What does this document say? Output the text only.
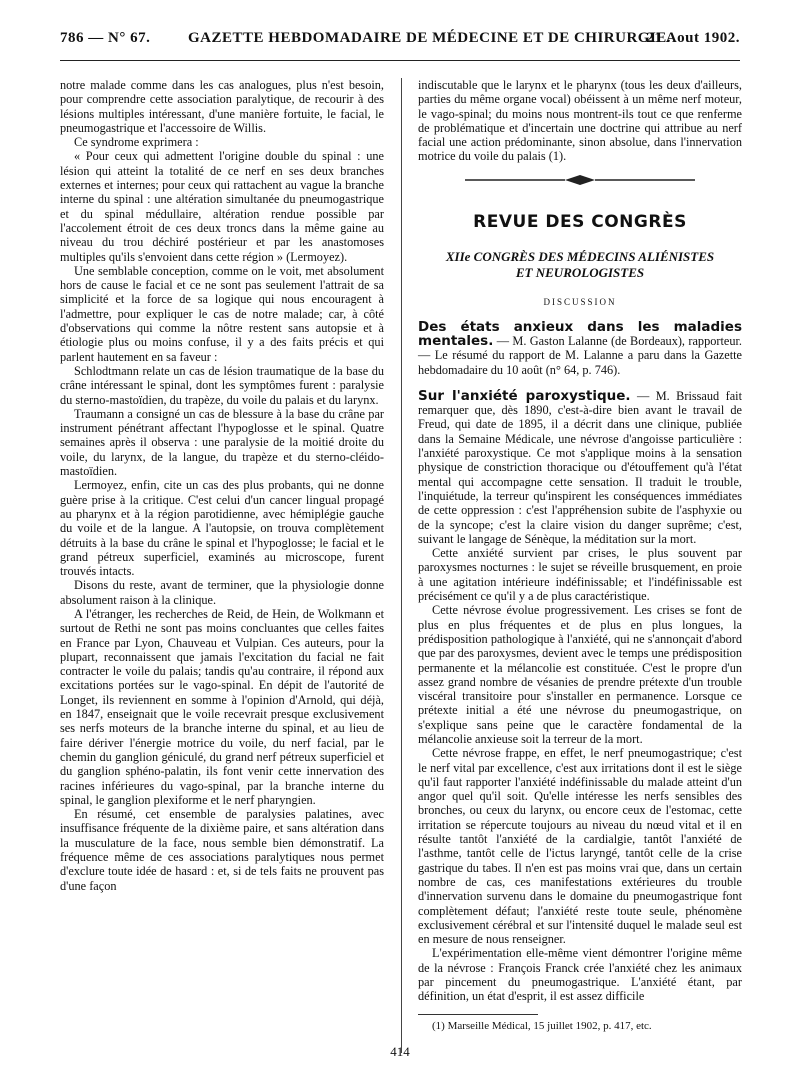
786 — N° 67.	GAZETTE HEBDOMADAIRE DE MÉDECINE ET DE CHIRURGIE.
21 Aout 1902.

notre malade comme dans les cas analogues, plus n'est besoin, pour comprendre cette association paralytique, de recourir à des lésions multiples intéressant, d'une manière fortuite, le facial, le pneumogastrique et l'accessoire de Willis.

Ce syndrome exprimera :

« Pour ceux qui admettent l'origine double du spinal : une lésion qui atteint la totalité de ce nerf en ses deux branches externes et internes; pour ceux qui rattachent au vague la branche interne du spinal : une altération simultanée du pneumogastrique et du spinal médullaire, altération rendue possible par l'accolement étroit de ces deux troncs dans la même gaine au niveau du trou déchiré postérieur et par les anastomoses multiples qu'ils s'envoient dans cette région » (Lermoyez).

Une semblable conception, comme on le voit, met absolument hors de cause le facial et ce ne sont pas seulement l'attrait de sa simplicité et la force de sa logique qui nous encouragent à l'admettre, pour expliquer le cas de notre malade; car, à côté d'observations qui comme la nôtre restent sans autopsie et à étiologie plus ou moins confuse, il y a des faits précis et qui parlent hautement en sa faveur :

Schlodtmann relate un cas de lésion traumatique de la base du crâne intéressant le spinal, dont les symptômes furent : paralysie du sterno-mastoïdien, du trapèze, du voile du palais et du larynx.

Traumann a consigné un cas de blessure à la base du crâne par instrument pénétrant affectant l'hypoglosse et le spinal. Quatre semaines après il observa : une paralysie de la moitié droite du voile, du larynx, de la langue, du trapèze et du sterno-cléido-mastoïdien.

Lermoyez, enfin, cite un cas des plus probants, qui ne donne guère prise à la critique. C'est celui d'un cancer lingual propagé au pharynx et à la région parotidienne, avec hémiplégie gauche du voile et de la langue. A l'autopsie, on trouva complètement détruits à la base du crâne le spinal et l'hypoglosse; le facial et le grand pétreux superficiel, examinés au microscope, furent trouvés intacts.

Disons du reste, avant de terminer, que la physiologie donne absolument raison à la clinique.

A l'étranger, les recherches de Reid, de Hein, de Wolkmann et surtout de Rethi ne sont pas moins concluantes que celles faites en France par Lyon, Chauveau et Vulpian. Ces auteurs, pour la plupart, reconnaissent que jamais l'excitation du facial ne fait contracter le voile du palais; tandis qu'au contraire, il répond aux excitations portées sur le vago-spinal. En dépit de l'autorité de Longet, ils reviennent en somme à l'opinion d'Arnold, qui déjà, en 1847, enseignait que le voile recevrait presque exclusivement ses nerfs moteurs de la branche interne du spinal, et au lieu de faire dériver l'énergie motrice du voile, du nerf facial, par le chemin du ganglion géniculé, du grand nerf pétreux superficiel et du ganglion sphéno-palatin, ils font venir cette innervation des racines inférieures du vago-spinal, par la branche interne du spinal, le ganglion plexiforme et le nerf pharyngien.

En résumé, cet ensemble de paralysies palatines, avec insuffisance fréquente de la dixième paire, et sans altération dans la musculature de la face, nous semble bien démonstratif. La fréquence même de ces associations paralytiques nous permet d'exclure toute idée de hasard : et, si de tels faits ne prouvent pas d'une façon

indiscutable que le larynx et le pharynx (tous les deux d'ailleurs, parties du même organe vocal) obéissent à un même nerf moteur, le vago-spinal; du moins nous montrent-ils tout ce que renferme de problématique et d'incertain une doctrine qui attribue au nerf facial une action prédominante, sinon absolue, dans l'innervation motrice du voile du palais (1).

REVUE DES CONGRÈS
XIIe CONGRÈS DES MÉDECINS ALIÉNISTES
ET NEUROLOGISTES
DISCUSSION

Des états anxieux dans les maladies mentales. — M. Gaston Lalanne (de Bordeaux), rapporteur. — Le résumé du rapport de M. Lalanne a paru dans la Gazette hebdomadaire du 10 août (n° 64, p. 746).

Sur l'anxiété paroxystique. — M. Brissaud fait remarquer que, dès 1890, c'est-à-dire bien avant le travail de Freud, qui date de 1895, il a décrit dans une clinique, publiée dans la Semaine Médicale, une névrose d'angoisse particulière : l'anxiété paroxystique. Ce mot s'applique moins à la sensation physique de constriction thoracique ou d'étouffement qu'à l'état mental qui accompagne cette sensation. Il traduit le trouble, l'inquiétude, la terreur qu'inspirent les conséquences immédiates de cette oppression : c'est l'appréhension subite de l'asphyxie ou de la syncope; c'est la claire vision du danger suprême; c'est, suivant le langage de Sénèque, la méditation sur la mort.

Cette anxiété survient par crises, le plus souvent par paroxysmes nocturnes : le sujet se réveille brusquement, en proie à une agitation intérieure indéfinissable; et l'indéfinissable est précisément ce qu'il y a de plus caractéristique.

Cette névrose évolue progressivement. Les crises se font de plus en plus fréquentes et de plus en plus longues, la prédisposition pathologique à l'anxiété, qui ne s'annonçait d'abord que par des paroxysmes, devient avec le temps une prédisposition permanente et la mélancolie est constituée. C'est le propre d'un assez grand nombre de vésanies de prendre prétexte d'un trouble viscéral transitoire pour s'installer en permanence. Lorsque ce prétexte initial a été une névrose du pneumogastrique, on s'explique sans peine que le caractère fondamental de la mélancolie anxieuse soit la terreur de la mort.

Cette névrose frappe, en effet, le nerf pneumogastrique; c'est le nerf vital par excellence, c'est aux irritations dont il est le siège qu'il faut rapporter l'anxiété indéfinissable du malade atteint d'un angor quel qu'il soit. Qu'elle intéresse les nerfs sensibles des bronches, ou ceux du larynx, ou encore ceux de l'estomac, cette irritation se répercute toujours au niveau du nœud vital et il en résulte tantôt l'anxiété de la cardialgie, tantôt l'anxiété de l'asthme, tantôt celle de l'ictus laryngé, tantôt celle de la crise gastrique du tabes. Il n'en est pas moins vrai que, dans un certain nombre de cas, ces manifestations extérieures du trouble d'innervation survenu dans le domaine du pneumogastrique font complètement défaut; l'anxiété reste toute seule, phénomène exclusivement cérébral et sur l'intensité duquel le malade seul est en mesure de nous renseigner.

L'expérimentation elle-même vient démontrer l'origine même de la névrose : François Franck crée l'anxiété chez les animaux par pincement du pneumogastrique. L'anxiété étant, par définition, un état d'esprit, il est assez difficile

(1) Marseille Médical, 15 juillet 1902, p. 417, etc.

414
